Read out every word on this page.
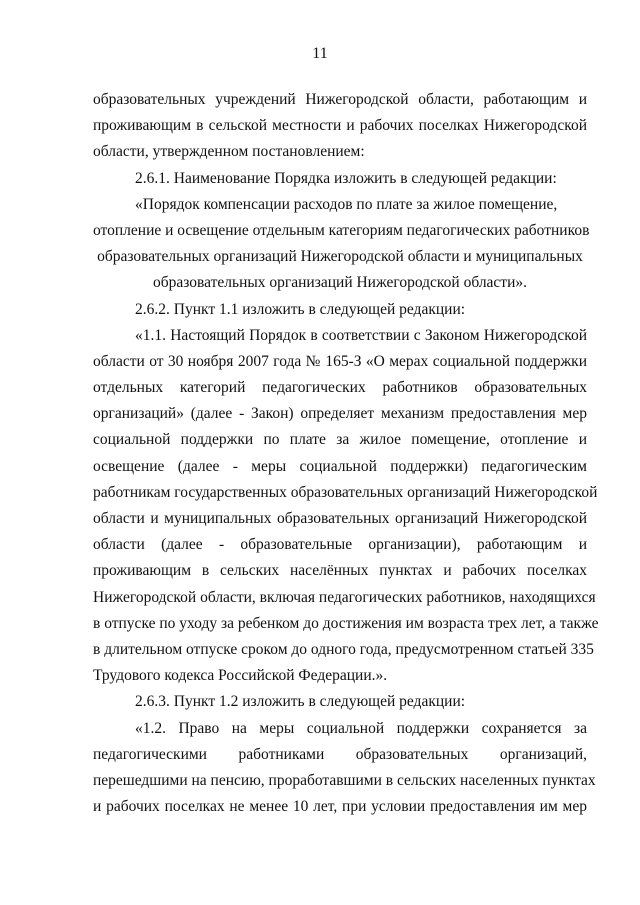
11
образовательных учреждений Нижегородской области, работающим и
проживающим в сельской местности и рабочих поселках Нижегородской
области, утвержденном постановлением:
2.6.1. Наименование Порядка изложить в следующей редакции:
«Порядок компенсации расходов по плате за жилое помещение,
отопление и освещение отдельным категориям педагогических работников
образовательных организаций Нижегородской области и муниципальных
образовательных организаций Нижегородской области».
2.6.2. Пункт 1.1 изложить в следующей редакции:
«1.1. Настоящий Порядок в соответствии с Законом Нижегородской
области от 30 ноября 2007 года № 165-З «О мерах социальной поддержки
отдельных категорий педагогических работников образовательных
организаций» (далее - Закон) определяет механизм предоставления мер
социальной поддержки по плате за жилое помещение, отопление и
освещение (далее - меры социальной поддержки) педагогическим
работникам государственных образовательных организаций Нижегородской
области и муниципальных образовательных организаций Нижегородской
области (далее - образовательные организации), работающим и
проживающим в сельских населённых пунктах и рабочих поселках
Нижегородской области, включая педагогических работников, находящихся
в отпуске по уходу за ребенком до достижения им возраста трех лет, а также
в длительном отпуске сроком до одного года, предусмотренном статьей 335
Трудового кодекса Российской Федерации.».
2.6.3. Пункт 1.2 изложить в следующей редакции:
«1.2. Право на меры социальной поддержки сохраняется за
педагогическими работниками образовательных организаций,
перешедшими на пенсию, проработавшими в сельских населенных пунктах
и рабочих поселках не менее 10 лет, при условии предоставления им мер
